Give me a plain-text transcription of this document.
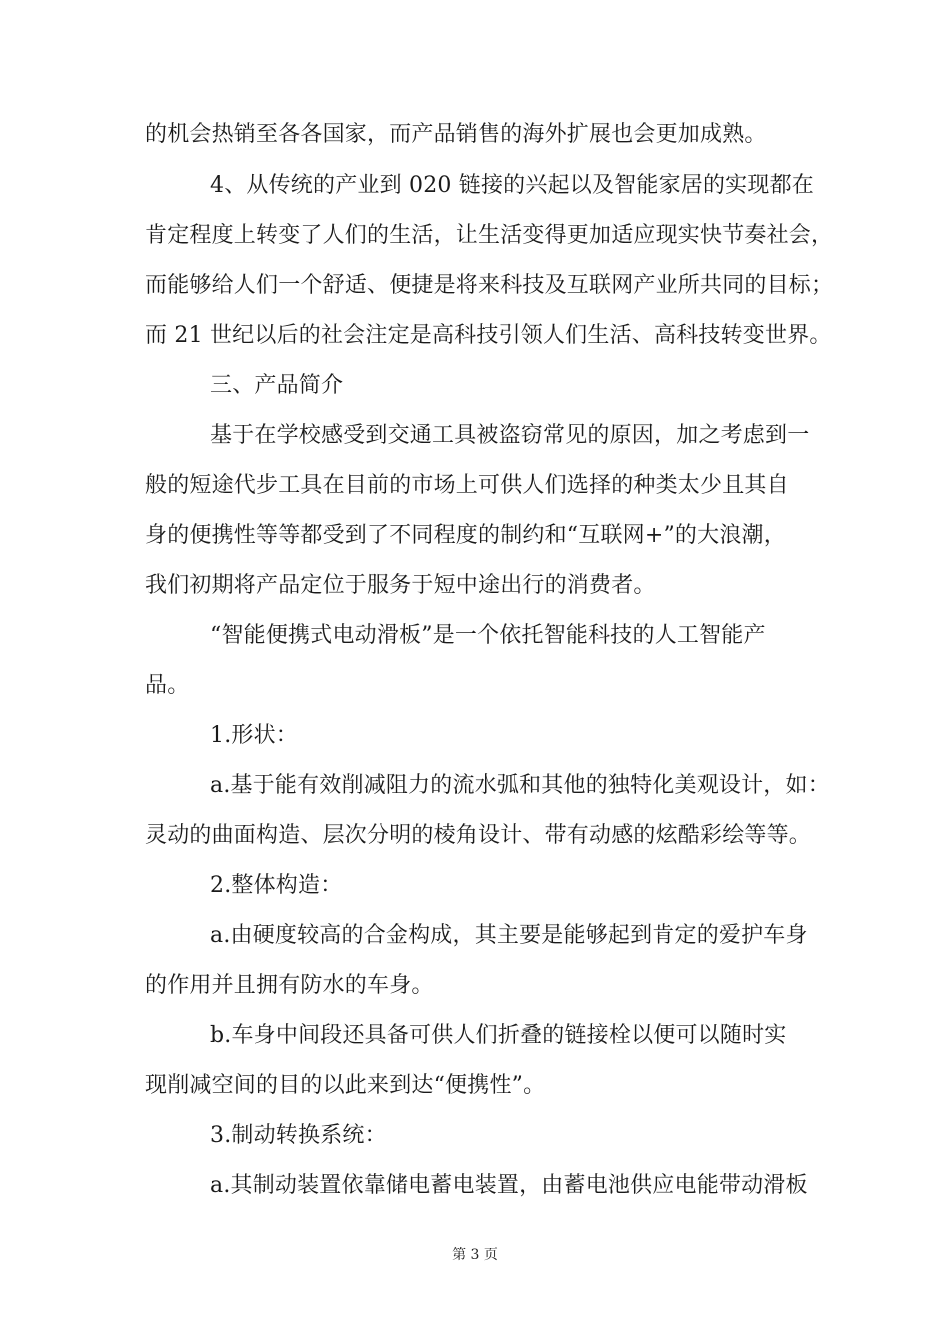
的机会热销至各各国家，而产品销售的海外扩展也会更加成熟。
4、从传统的产业到 020 链接的兴起以及智能家居的实现都在
肯定程度上转变了人们的生活，让生活变得更加适应现实快节奏社会，
而能够给人们一个舒适、便捷是将来科技及互联网产业所共同的目标；
而 21 世纪以后的社会注定是高科技引领人们生活、高科技转变世界。
三、产品简介
基于在学校感受到交通工具被盗窃常见的原因，加之考虑到一
般的短途代步工具在目前的市场上可供人们选择的种类太少且其自
身的便携性等等都受到了不同程度的制约和“互联网+”的大浪潮，
我们初期将产品定位于服务于短中途出行的消费者。
“智能便携式电动滑板”是一个依托智能科技的人工智能产
品。
1.形状：
a.基于能有效削减阻力的流水弧和其他的独特化美观设计，如：
灵动的曲面构造、层次分明的棱角设计、带有动感的炫酷彩绘等等。
2.整体构造：
a.由硬度较高的合金构成，其主要是能够起到肯定的爱护车身
的作用并且拥有防水的车身。
b.车身中间段还具备可供人们折叠的链接栓以便可以随时实
现削减空间的目的以此来到达“便携性”。
3.制动转换系统：
a.其制动装置依靠储电蓄电装置，由蓄电池供应电能带动滑板
第 3 页
